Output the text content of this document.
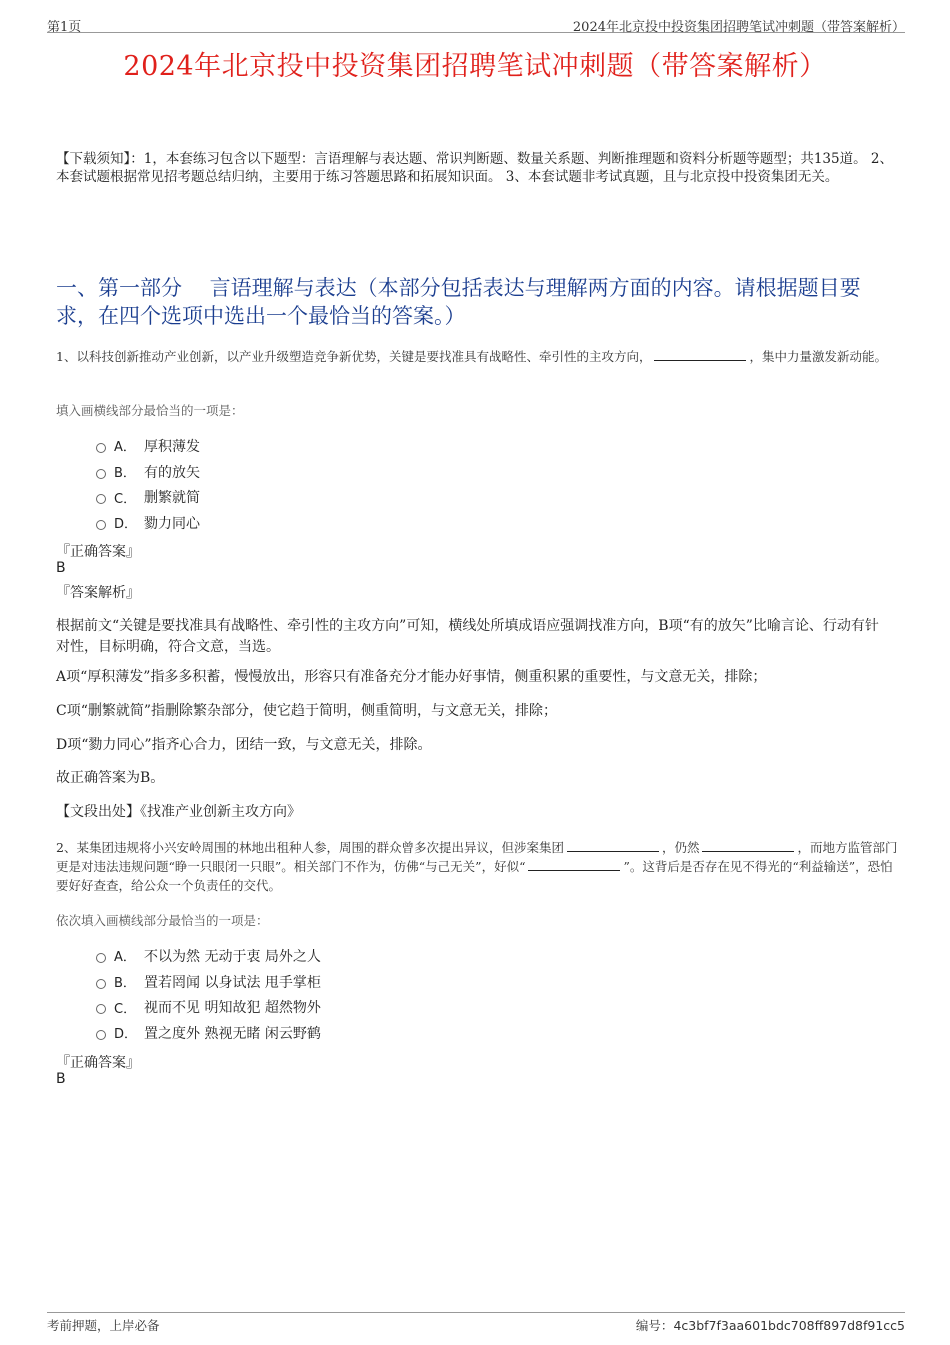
第1页	2024年北京投中投资集团招聘笔试冲刺题（带答案解析）
2024年北京投中投资集团招聘笔试冲刺题（带答案解析）
【下载须知】：1，本套练习包含以下题型：言语理解与表达题、常识判断题、数量关系题、判断推理题和资料分析题等题型；共135道。 2、本套试题根据常见招考题总结归纳，主要用于练习答题思路和拓展知识面。 3、本套试题非考试真题，且与北京投中投资集团无关。
一、第一部分　 言语理解与表达（本部分包括表达与理解两方面的内容。请根据题目要求，在四个选项中选出一个最恰当的答案。）
1、以科技创新推动产业创新，以产业升级塑造竞争新优势，关键是要找准具有战略性、牵引性的主攻方向，	，集中力量激发新动能。
填入画横线部分最恰当的一项是：
A． 厚积薄发
B． 有的放矢
C． 删繁就简
D． 勠力同心
『正确答案』
B
『答案解析』
根据前文“关键是要找准具有战略性、牵引性的主攻方向”可知，横线处所填成语应强调找准方向，B项“有的放矢”比喻言论、行动有针对性，目标明确，符合文意，当选。
A项“厚积薄发”指多多积蓄，慢慢放出，形容只有准备充分才能办好事情，侧重积累的重要性，与文意无关，排除；
C项“删繁就简”指删除繁杂部分，使它趋于简明，侧重简明，与文意无关，排除；
D项“勠力同心”指齐心合力，团结一致，与文意无关，排除。
故正确答案为B。
【文段出处】《找准产业创新主攻方向》
2、某集团违规将小兴安岭周围的林地出租种人参，周围的群众曾多次提出异议，但涉案集团	，仍然	，而地方监管部门更是对违法违规问题“睁一只眼闭一只眼”。相关部门不作为，仿佛“与己无关”，好似“	”。这背后是否存在见不得光的“利益输送”，恐怕要好好查查，给公众一个负责任的交代。
依次填入画横线部分最恰当的一项是：
A． 不以为然 无动于衷 局外之人
B． 置若罔闻 以身试法 甩手掌柜
C． 视而不见 明知故犯 超然物外
D． 置之度外 熟视无睹 闲云野鹤
『正确答案』
B
考前押题，上岸必备	编号：4c3bf7f3aa601bdc708ff897d8f91cc5
